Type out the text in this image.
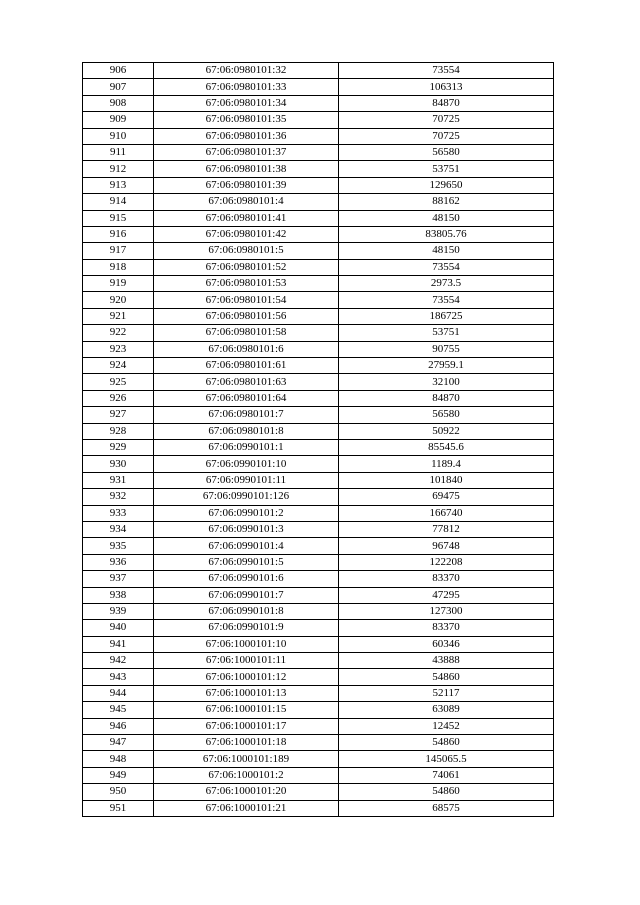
906	67:06:0980101:32	73554
907	67:06:0980101:33	106313
908	67:06:0980101:34	84870
909	67:06:0980101:35	70725
910	67:06:0980101:36	70725
911	67:06:0980101:37	56580
912	67:06:0980101:38	53751
913	67:06:0980101:39	129650
914	67:06:0980101:4	88162
915	67:06:0980101:41	48150
916	67:06:0980101:42	83805.76
917	67:06:0980101:5	48150
918	67:06:0980101:52	73554
919	67:06:0980101:53	2973.5
920	67:06:0980101:54	73554
921	67:06:0980101:56	186725
922	67:06:0980101:58	53751
923	67:06:0980101:6	90755
924	67:06:0980101:61	27959.1
925	67:06:0980101:63	32100
926	67:06:0980101:64	84870
927	67:06:0980101:7	56580
928	67:06:0980101:8	50922
929	67:06:0990101:1	85545.6
930	67:06:0990101:10	1189.4
931	67:06:0990101:11	101840
932	67:06:0990101:126	69475
933	67:06:0990101:2	166740
934	67:06:0990101:3	77812
935	67:06:0990101:4	96748
936	67:06:0990101:5	122208
937	67:06:0990101:6	83370
938	67:06:0990101:7	47295
939	67:06:0990101:8	127300
940	67:06:0990101:9	83370
941	67:06:1000101:10	60346
942	67:06:1000101:11	43888
943	67:06:1000101:12	54860
944	67:06:1000101:13	52117
945	67:06:1000101:15	63089
946	67:06:1000101:17	12452
947	67:06:1000101:18	54860
948	67:06:1000101:189	145065.5
949	67:06:1000101:2	74061
950	67:06:1000101:20	54860
951	67:06:1000101:21	68575
